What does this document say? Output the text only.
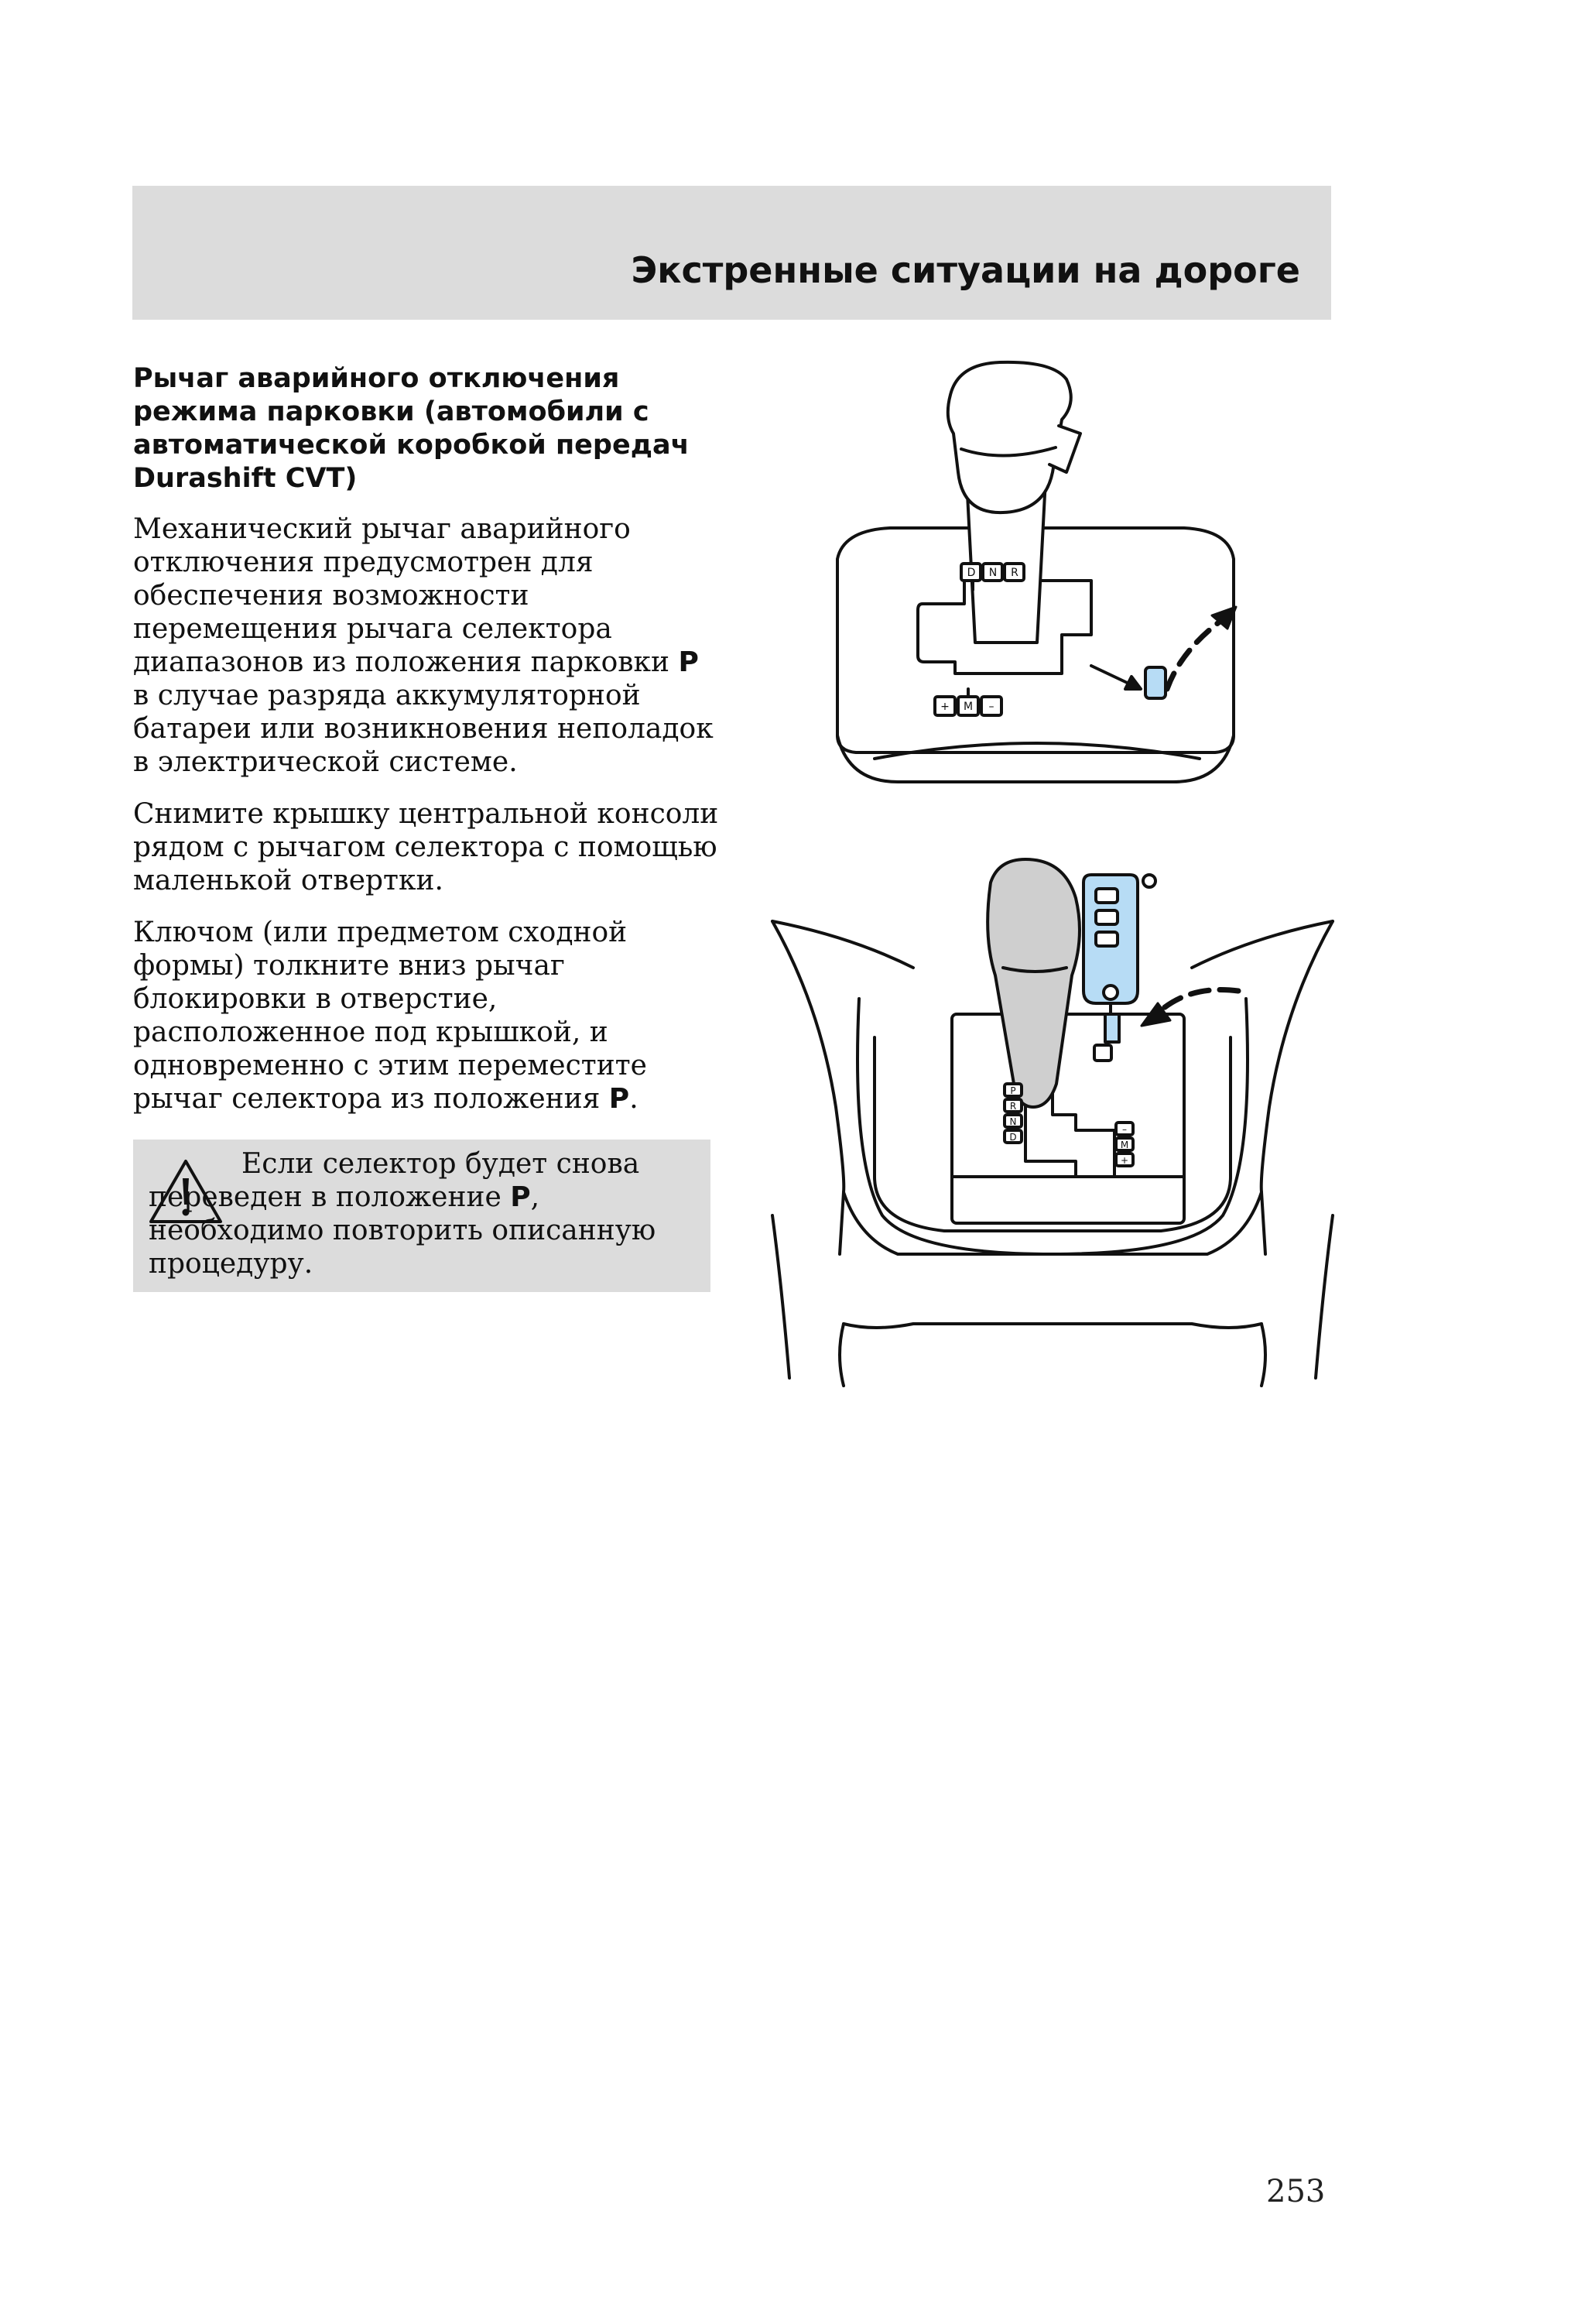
Экстренные ситуации на дороге
Рычаг аварийного отключения режима парковки (автомобили с автоматической коробкой передач Durashift CVT)
Механический рычаг аварийного отключения предусмотрен для обеспечения возможности перемещения рычага селектора диапазонов из положения парковки P в случае разряда аккумуляторной батареи или возникновения неполадок в электрической системе.
Снимите крышку центральной консоли рядом с рычагом селектора с помощью маленькой отвертки.
Ключом (или предметом сходной формы) толкните вниз рычаг блокировки в отверстие, расположенное под крышкой, и одновременно с этим переместите рычаг селектора из положения P.
Если селектор будет снова переведен в положение P, необходимо повторить описанную процедуру.
D N R
+ M –
P
R
N
D
–
M
+
253
